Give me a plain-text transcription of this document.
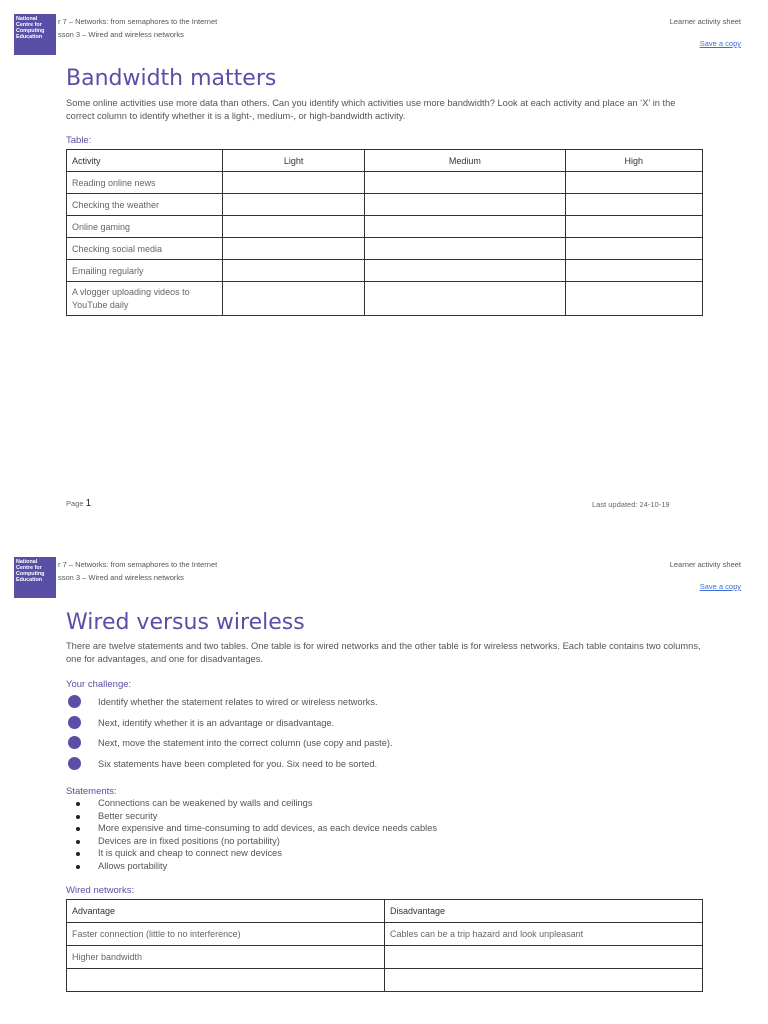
National
Centre for
Computing
Education
r 7 – Networks: from semaphores to the Internet
sson 3 – Wired and wireless networks
Learner activity sheet
Save a copy
Bandwidth matters
Some online activities use more data than others. Can you identify which activities use more bandwidth? Look at each activity and place an ‘X’ in the correct column to identify whether it is a light-, medium-, or high-bandwidth activity.
Table:
Activity	Light	Medium	High
Reading online news			
Checking the weather			
Online gaming			
Checking social media			
Emailing regularly			
A vlogger uploading videos to YouTube daily			
Page 1	Last updated: 24-10-19
National
Centre for
Computing
Education
r 7 – Networks: from semaphores to the Internet
sson 3 – Wired and wireless networks
Learner activity sheet
Save a copy
Wired versus wireless
There are twelve statements and two tables. One table is for wired networks and the other table is for wireless networks. Each table contains two columns, one for advantages, and one for disadvantages.
Your challenge:
Identify whether the statement relates to wired or wireless networks.
Next, identify whether it is an advantage or disadvantage.
Next, move the statement into the correct column (use copy and paste).
Six statements have been completed for you. Six need to be sorted.
Statements:
Connections can be weakened by walls and ceilings
Better security
More expensive and time-consuming to add devices, as each device needs cables
Devices are in fixed positions (no portability)
It is quick and cheap to connect new devices
Allows portability
Wired networks:
Advantage	Disadvantage
Faster connection (little to no interference)	Cables can be a trip hazard and look unpleasant
Higher bandwidth	
